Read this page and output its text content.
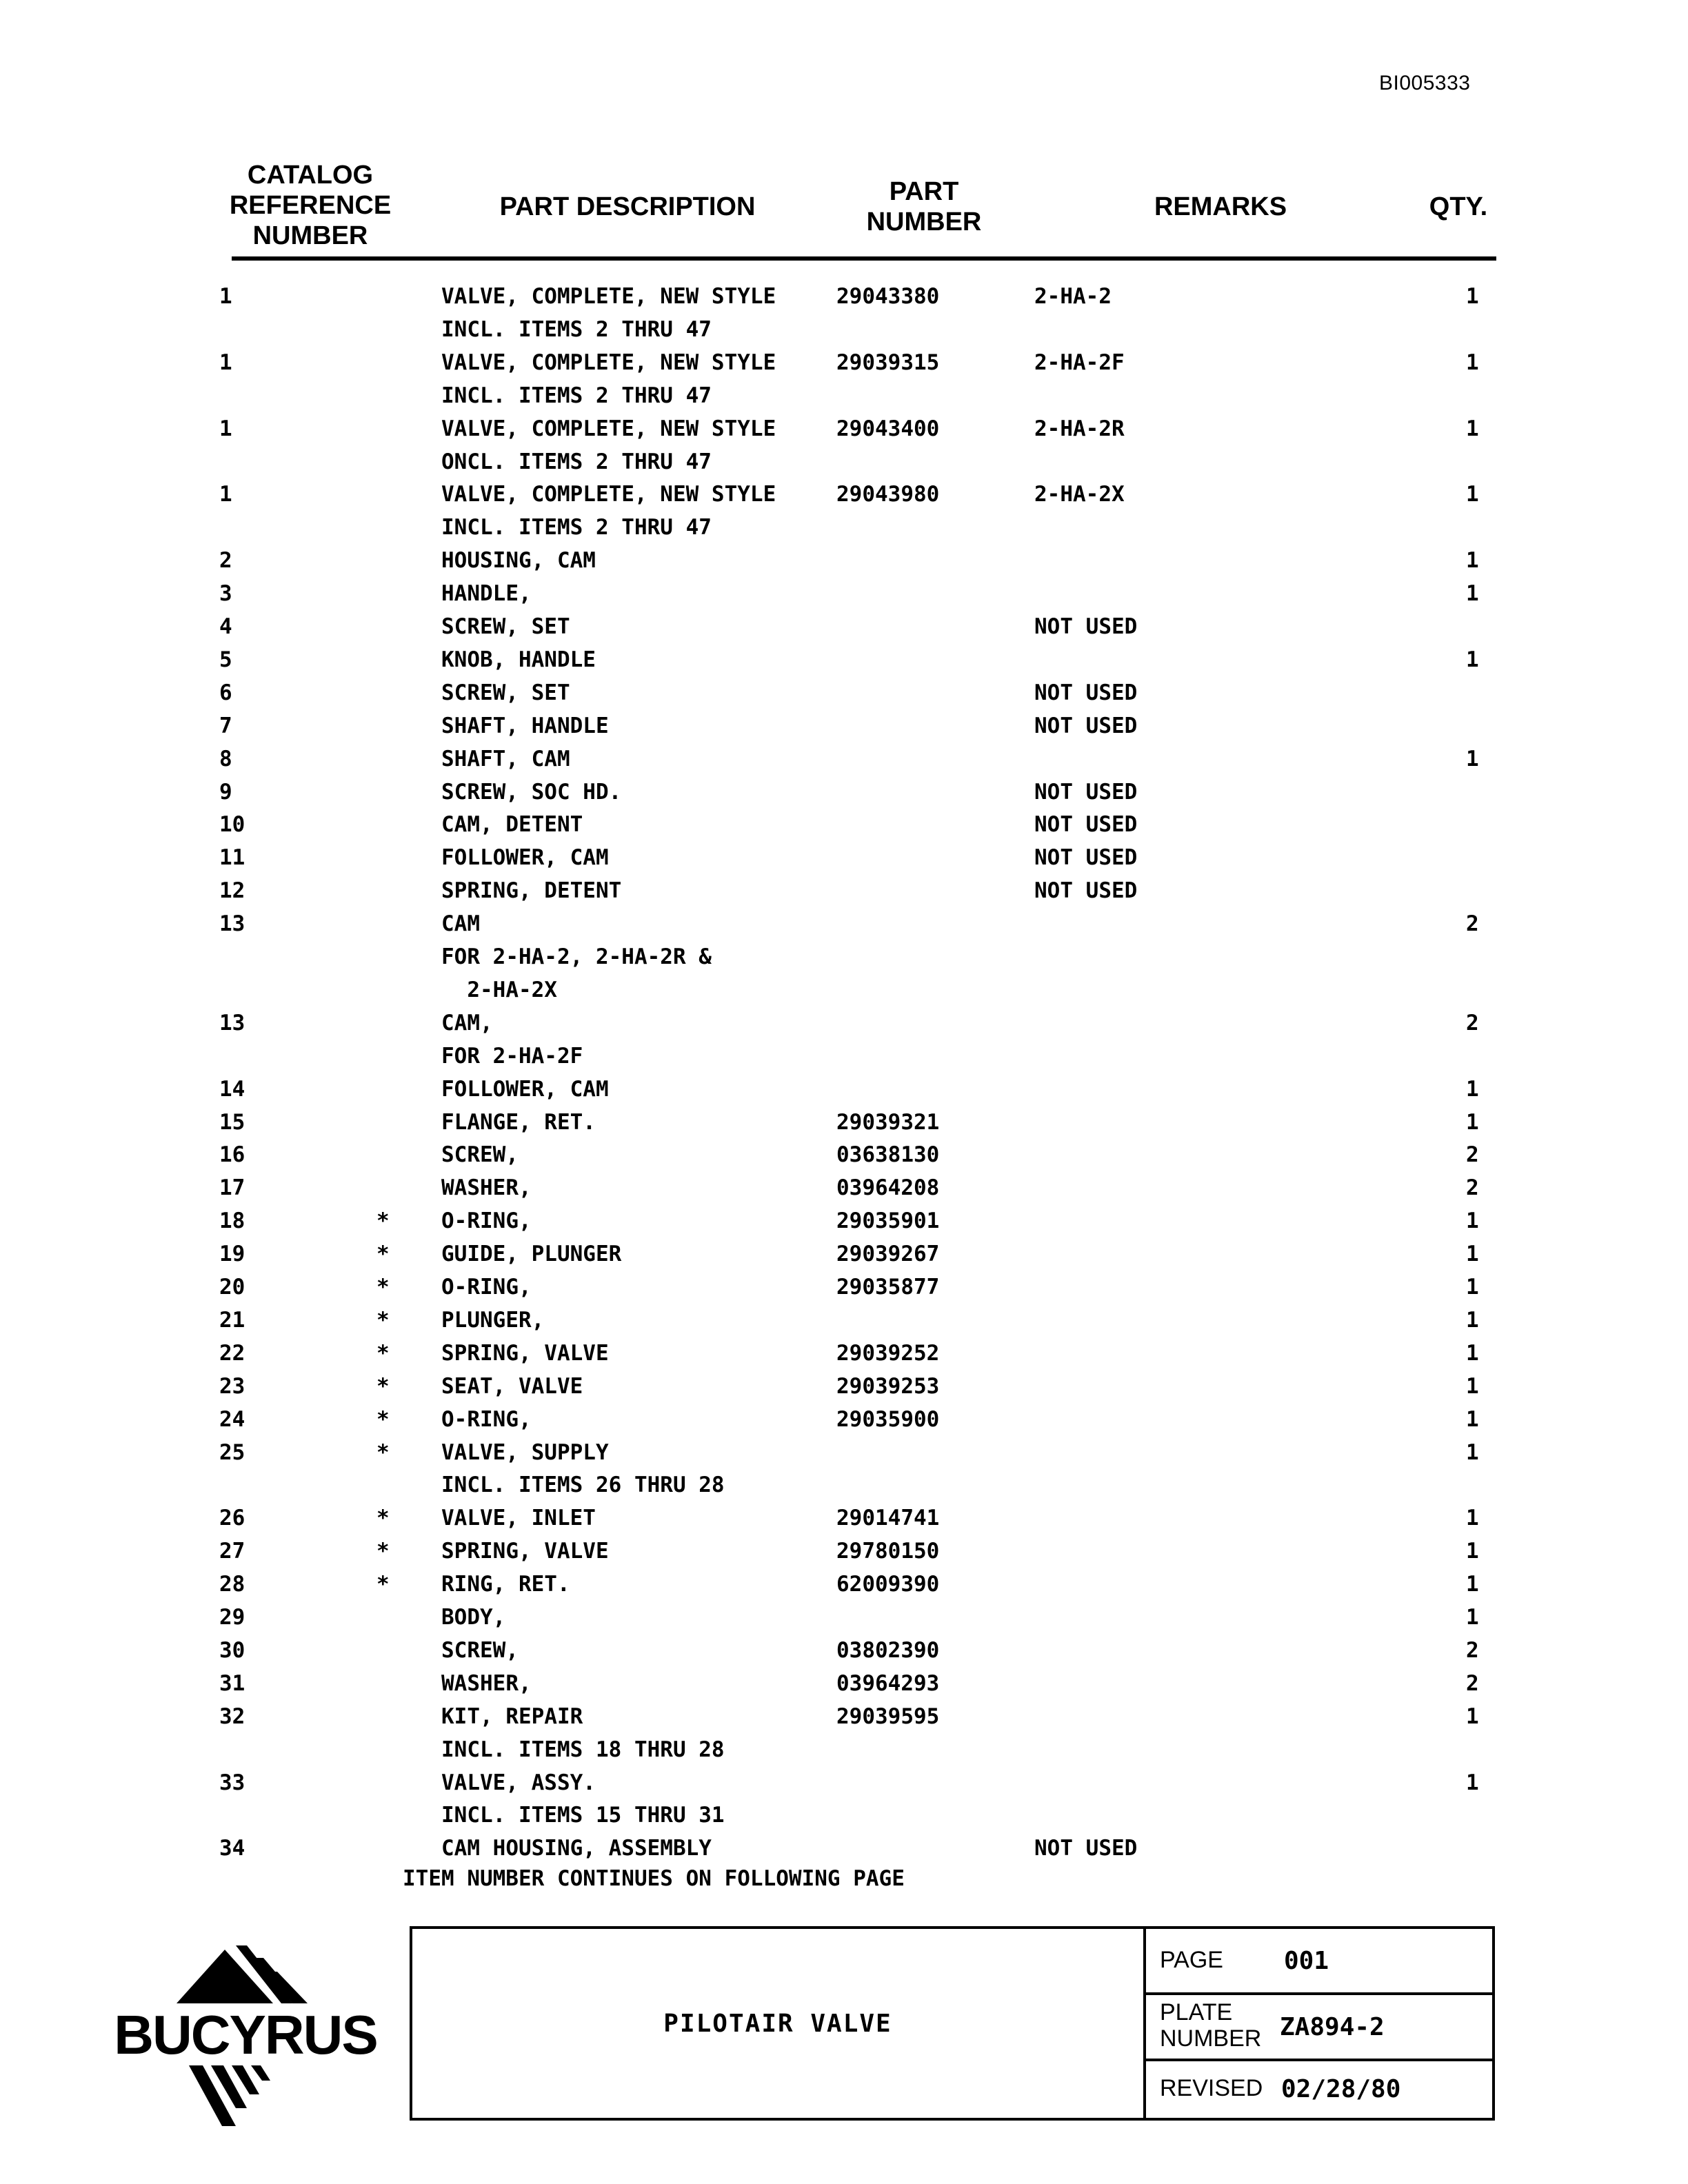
BI005333
CATALOG
REFERENCE
NUMBER
PART DESCRIPTION
PART
NUMBER
REMARKS	QTY.
1	VALVE, COMPLETE, NEW STYLE	29043380	2-HA-2	1
INCL. ITEMS 2 THRU 47
1	VALVE, COMPLETE, NEW STYLE	29039315	2-HA-2F	1
INCL. ITEMS 2 THRU 47
1	VALVE, COMPLETE, NEW STYLE	29043400	2-HA-2R	1
ONCL. ITEMS 2 THRU 47
1	VALVE, COMPLETE, NEW STYLE	29043980	2-HA-2X	1
INCL. ITEMS 2 THRU 47
2	HOUSING, CAM	1
3	HANDLE,	1
4	SCREW, SET	NOT USED
5	KNOB, HANDLE	1
6	SCREW, SET	NOT USED
7	SHAFT, HANDLE	NOT USED
8	SHAFT, CAM	1
9	SCREW, SOC HD.	NOT USED
10	CAM, DETENT	NOT USED
11	FOLLOWER, CAM	NOT USED
12	SPRING, DETENT	NOT USED
13	CAM	2
FOR 2-HA-2, 2-HA-2R &
2-HA-2X
13	CAM,	2
FOR 2-HA-2F
14	FOLLOWER, CAM	1
15	FLANGE, RET.	29039321	1
16	SCREW,	03638130	2
17	WASHER,	03964208	2
18	* O-RING,	29035901	1
19	* GUIDE, PLUNGER	29039267	1
20	* O-RING,	29035877	1
21	* PLUNGER,	1
22	* SPRING, VALVE	29039252	1
23	* SEAT, VALVE	29039253	1
24	* O-RING,	29035900	1
25	* VALVE, SUPPLY	1
INCL. ITEMS 26 THRU 28
26	* VALVE, INLET	29014741	1
27	* SPRING, VALVE	29780150	1
28	* RING, RET.	62009390	1
29	BODY,	1
30	SCREW,	03802390	2
31	WASHER,	03964293	2
32	KIT, REPAIR	29039595	1
INCL. ITEMS 18 THRU 28
33	VALVE, ASSY.	1
INCL. ITEMS 15 THRU 31
34	CAM HOUSING, ASSEMBLY	NOT USED
ITEM NUMBER CONTINUES ON FOLLOWING PAGE
BUCYRUS	PILOTAIR VALVE
PAGE 001
PLATE
NUMBER ZA894-2
REVISED 02/28/80
